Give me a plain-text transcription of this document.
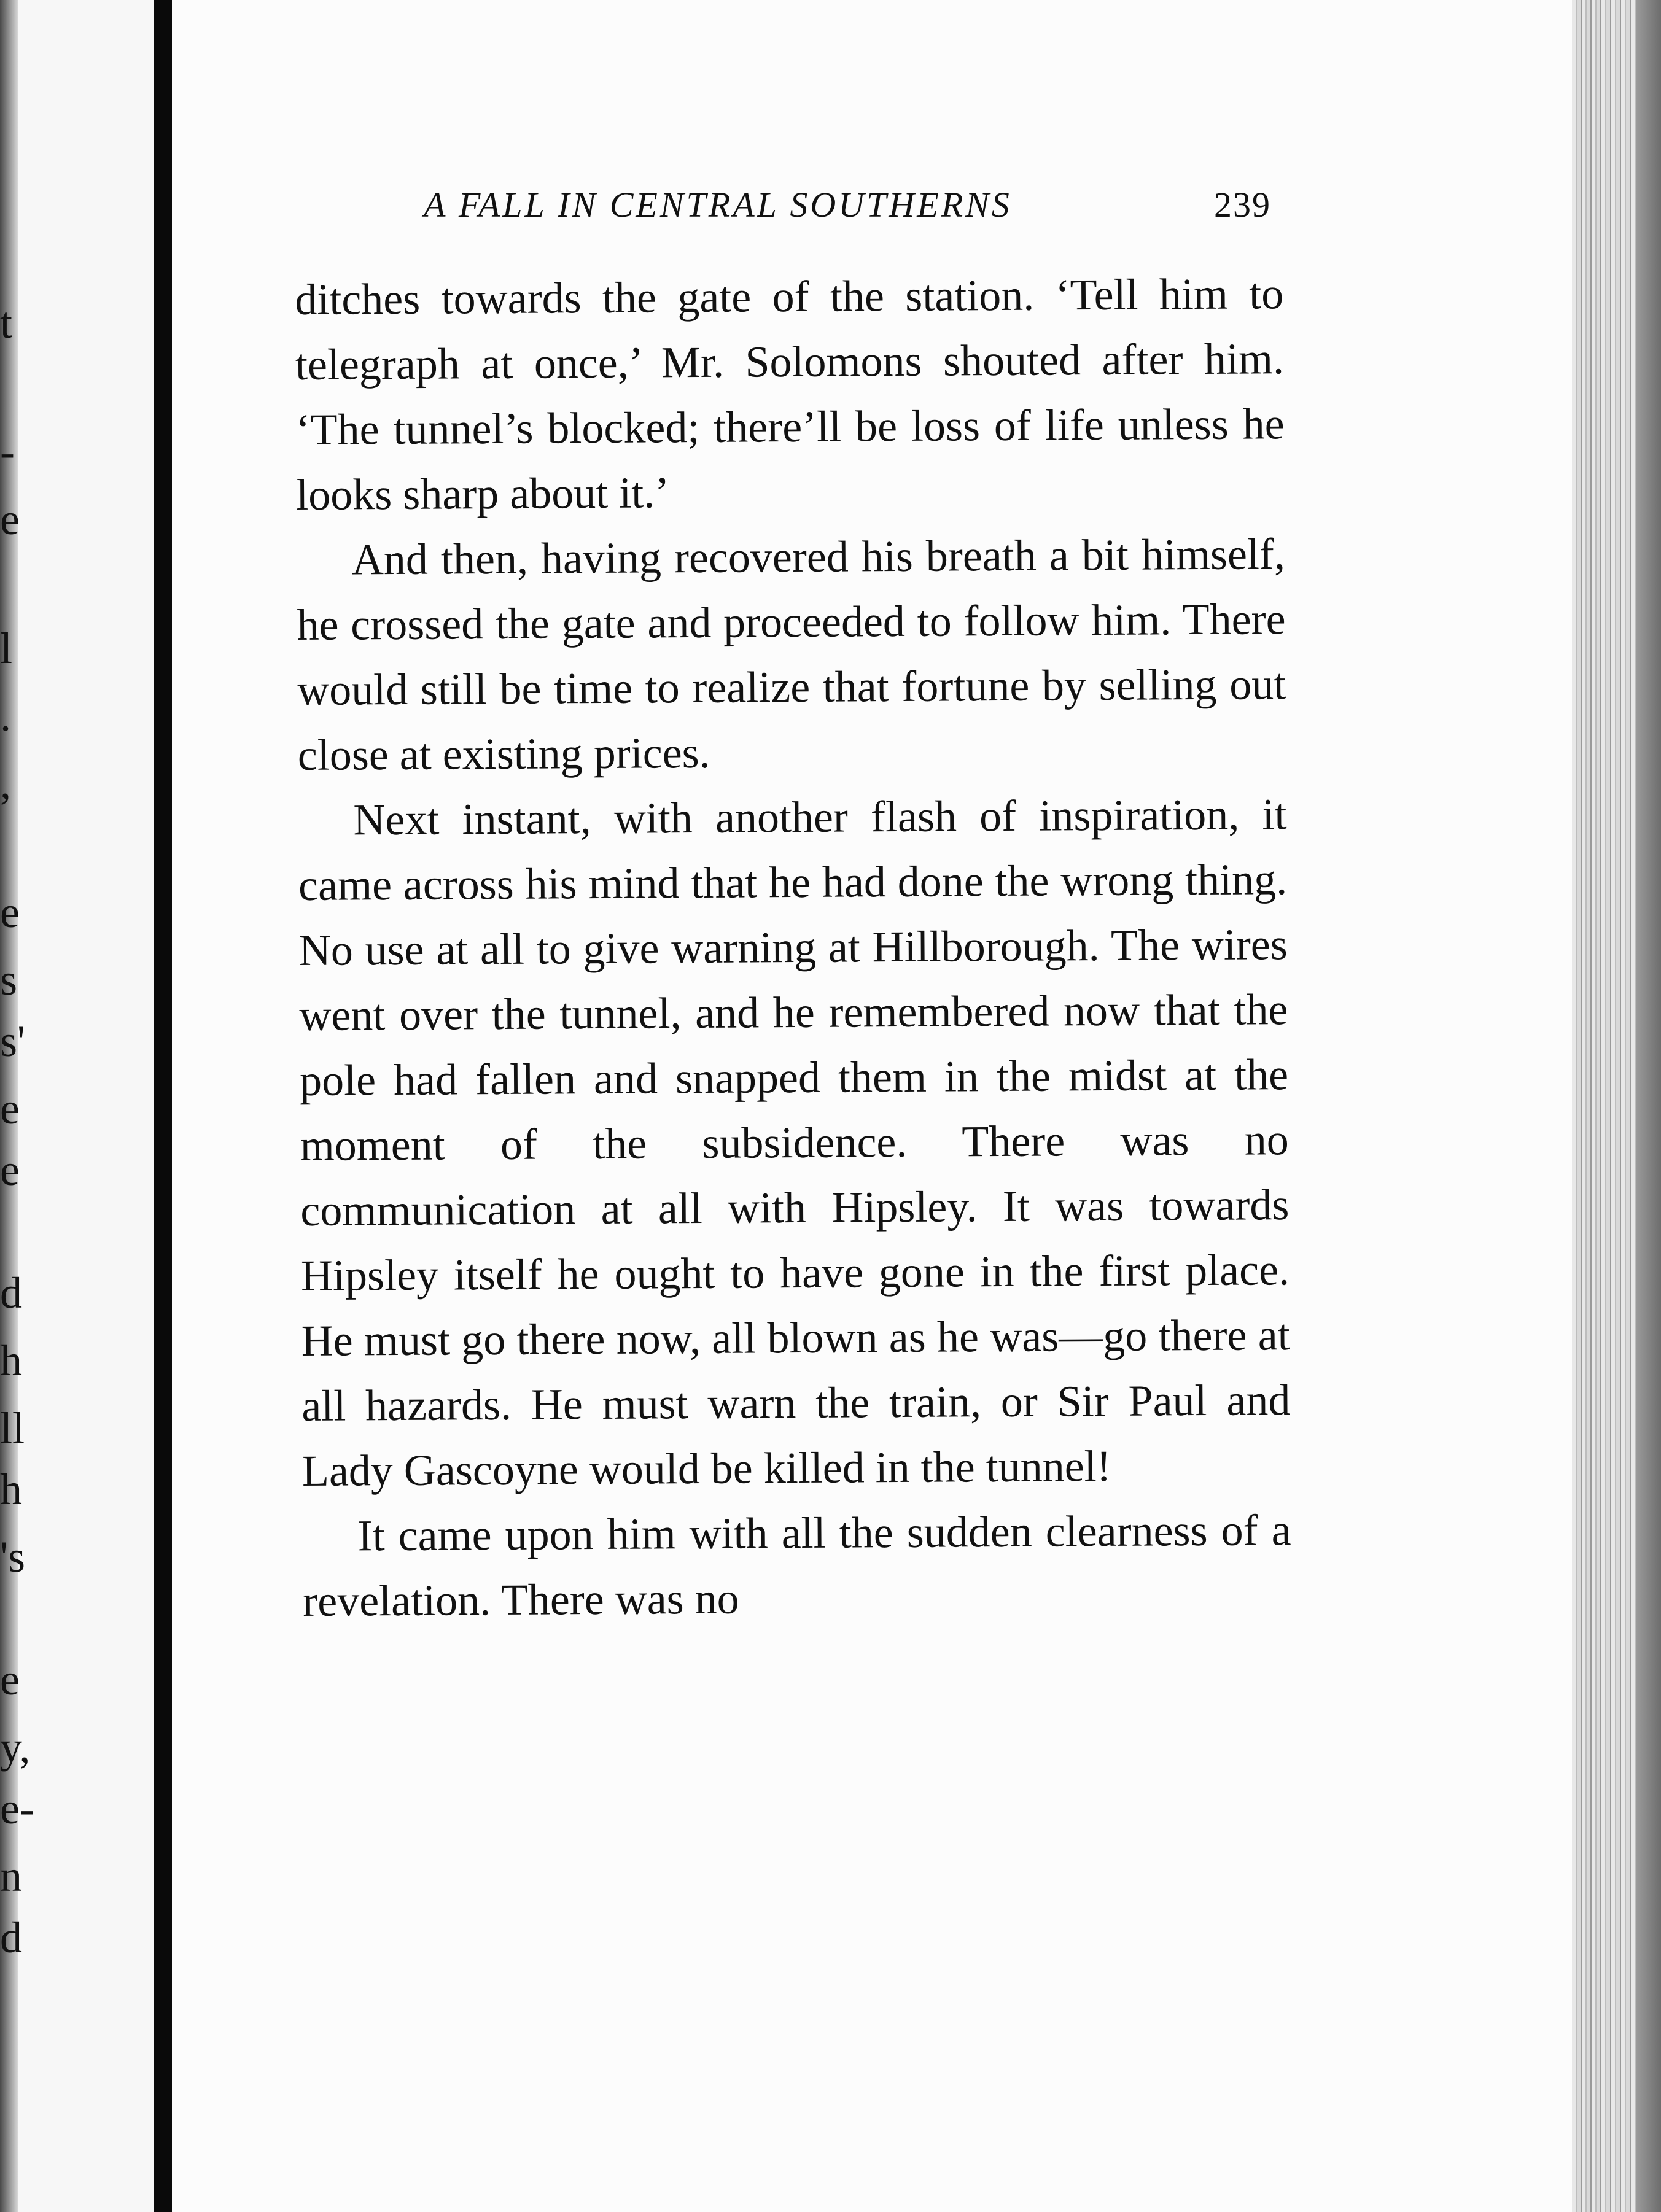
t
-
e
l
.
,
e
s
s'
e
e
d
h
ll
h
's
e
y,
e-
n
d
A FALL IN CENTRAL SOUTHERNS	239

ditches towards the gate of the station. ‘Tell him to telegraph at once,’ Mr. Solomons shouted after him. ‘The tunnel’s blocked; there’ll be loss of life unless he looks sharp about it.’

And then, having recovered his breath a bit himself, he crossed the gate and proceeded to follow him. There would still be time to realize that fortune by selling out close at existing prices.

Next instant, with another flash of inspiration, it came across his mind that he had done the wrong thing. No use at all to give warning at Hillborough. The wires went over the tunnel, and he remembered now that the pole had fallen and snapped them in the midst at the moment of the subsidence. There was no communication at all with Hipsley. It was towards Hipsley itself he ought to have gone in the first place. He must go there now, all blown as he was—go there at all hazards. He must warn the train, or Sir Paul and Lady Gascoyne would be killed in the tunnel!

It came upon him with all the sudden clearness of a revelation. There was no
